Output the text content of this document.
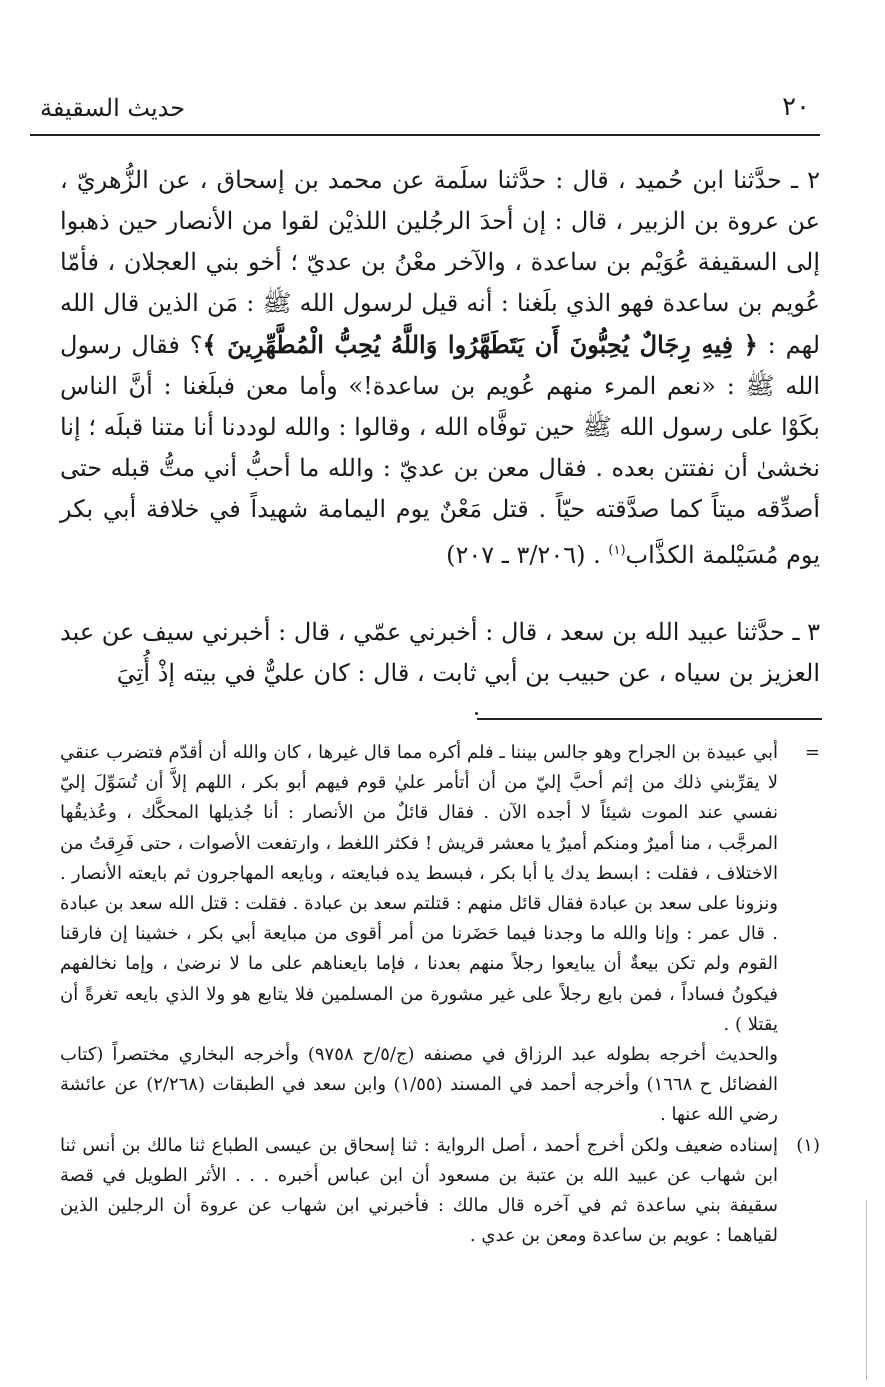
٢٠
حديث السقيفة

٢ ـ حدَّثنا ابن حُميد ، قال : حدَّثنا سلَمة عن محمد بن إسحاق ، عن الزُّهريّ ، عن عروة بن الزبير ، قال : إن أحدَ الرجُلين اللذيْن لقوا من الأنصار حين ذهبوا إلى السقيفة عُوَيْم بن ساعدة ، والآخر معْنُ بن عديّ ؛ أخو بني العجلان ، فأمّا عُويم بن ساعدة فهو الذي بلَغنا : أنه قيل لرسول الله ﷺ : مَن الذين قال الله لهم : ﴿ فِيهِ رِجَالٌ يُحِبُّونَ أَن يَتَطَهَّرُوا وَاللَّهُ يُحِبُّ الْمُطَّهِّرِينَ ﴾؟ فقال رسول الله ﷺ : «نعم المرء منهم عُويم بن ساعدة!» وأما معن فبلَغنا : أنَّ الناس بكَوْا على رسول الله ﷺ حين توفَّاه الله ، وقالوا : والله لوددنا أنا متنا قبلَه ؛ إنا نخشىٰ أن نفتتن بعده . فقال معن بن عديّ : والله ما أحبُّ أني متُّ قبله حتى أصدِّقه ميتاً كما صدَّقته حيّاً . قتل مَعْنٌ يوم اليمامة شهيداً في خلافة أبي بكر يوم مُسَيْلمة الكذَّاب$^{(١)}$ . (٣/٢٠٦ ـ ٢٠٧)

٣ ـ حدَّثنا عبيد الله بن سعد ، قال : أخبرني عمّي ، قال : أخبرني سيف عن عبد العزيز بن سياه ، عن حبيب بن أبي ثابت ، قال : كان عليٌّ في بيته إذْ أُتِيَ

=

أبي عبيدة بن الجراح وهو جالس بيننا ـ فلم أكره مما قال غيرها ، كان والله أن أقدّم فتضرب عنقي لا يقرِّبني ذلك من إثم أحبَّ إليّ من أن أتأمر عليٰ قوم فيهم أبو بكر ، اللهم إلاَّ أن تُسَوِّلَ إليّ نفسي عند الموت شيئاً لا أجده الآن . فقال قائلٌ من الأنصار : أنا جُذيلها المحكَّك ، وعُذيقُها المرجَّب ، منا أميرٌ ومنكم أميرٌ يا معشر قريش ! فكثر اللغط ، وارتفعت الأصوات ، حتى فَرِقتُ من الاختلاف ، فقلت : ابسط يدك يا أبا بكر ، فبسط يده فبايعته ، وبايعه المهاجرون ثم بايعته الأنصار . ونزونا على سعد بن عبادة فقال قائل منهم : قتلتم سعد بن عبادة . فقلت : قتل الله سعد بن عبادة . قال عمر : وإنا والله ما وجدنا فيما حَضَرنا من أمر أقوى من مبايعة أبي بكر ، خشينا إن فارقنا القوم ولم تكن بيعةٌ أن يبايعوا رجلاً منهم بعدنا ، فإما بايعناهم على ما لا نرضىٰ ، وإما نخالفهم فيكونُ فساداً ، فمن بايع رجلاً على غير مشورة من المسلمين فلا يتابع هو ولا الذي بايعه تغرةً أن يقتلا ) .

والحديث أخرجه بطوله عبد الرزاق في مصنفه (ج/٥/ح ٩٧٥٨) وأخرجه البخاري مختصراً (كتاب الفضائل ح ١٦٦٨) وأخرجه أحمد في المسند (١/٥٥) وابن سعد في الطبقات (٢/٢٦٨) عن عائشة رضي الله عنها .

(١)

إسناده ضعيف ولكن أخرج أحمد ، أصل الرواية : ثنا إسحاق بن عيسى الطباع ثنا مالك بن أنس ثنا ابن شهاب عن عبيد الله بن عتبة بن مسعود أن ابن عباس أخبره . . . الأثر الطويل في قصة سقيفة بني ساعدة ثم في آخره قال مالك : فأخبرني ابن شهاب عن عروة أن الرجلين الذين لقياهما : عويم بن ساعدة ومعن بن عدي .
